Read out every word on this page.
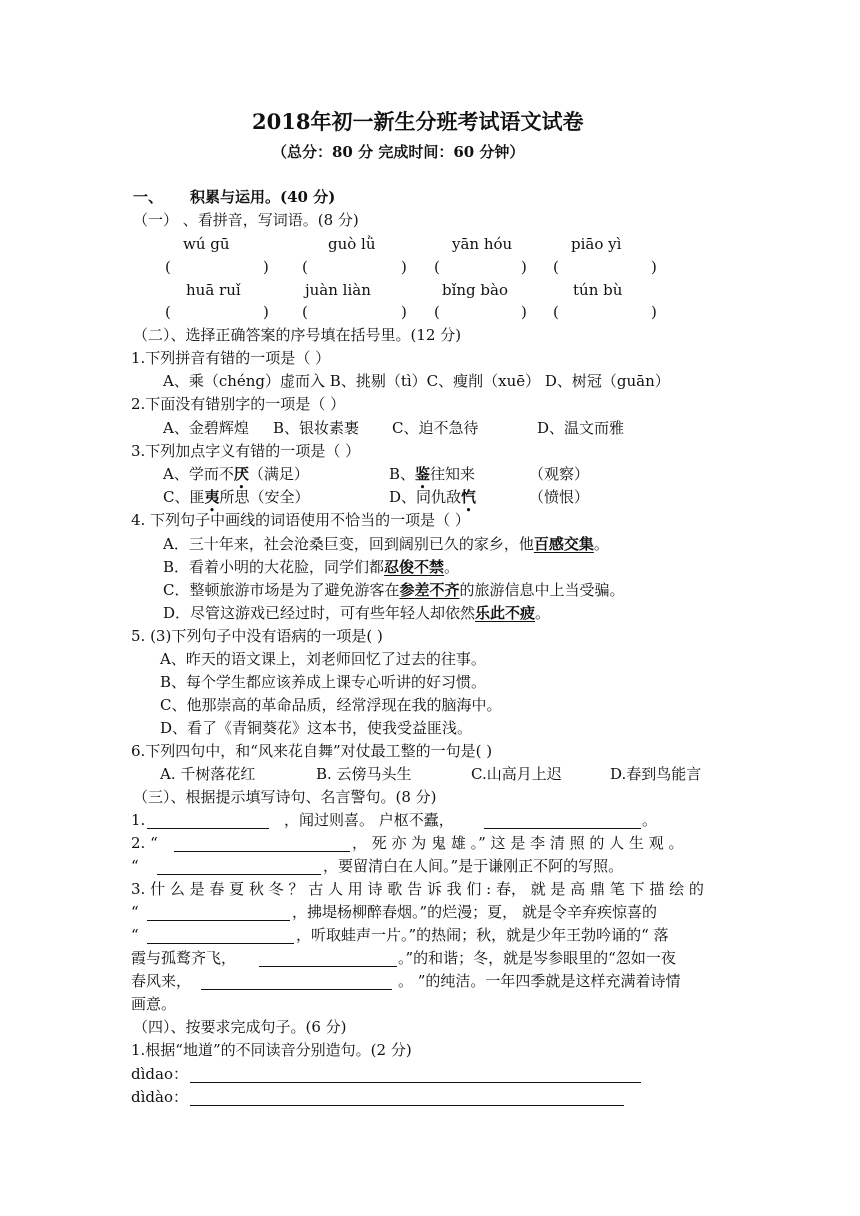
2018年初一新生分班考试语文试卷
（总分：80 分 完成时间：60 分钟）
一、 积累与运用。(40 分)
（一） 、看拼音，写词语。(8 分)
wú gū	guò lǜ	yān hóu	piāo yì
(	) (	) (	) (	)
huā ruǐ	juàn liàn	bǐng bào	tún bù
(	) (	) (	) (	)
（二）、选择正确答案的序号填在括号里。(12 分)
1.下列拼音有错的一项是（ ）
A、乘（chéng）虚而入 B、挑剔（tì）C、瘦削（xuē） D、树冠（guān）
2.下面没有错别字的一项是（ ）
A、金碧辉煌 B、银妆素裹 C、迫不急待	D、温文而雅
3.下列加点字义有错的一项是（ ）
A、学而不厌（满足）	B、鉴往知来	（观察）
C、匪夷所思（安全）	D、同仇敌忾	（愤恨）
4. 下列句子中画线的词语使用不恰当的一项是（ ）
A．三十年来，社会沧桑巨变，回到阔别已久的家乡，他百感交集。
B．看着小明的大花脸，同学们都忍俊不禁。
C．整顿旅游市场是为了避免游客在参差不齐的旅游信息中上当受骗。
D．尽管这游戏已经过时，可有些年轻人却依然乐此不疲。
5. (3)下列句子中没有语病的一项是( )
A、昨天的语文课上，刘老师回忆了过去的往事。
B、每个学生都应该养成上课专心听讲的好习惯。
C、他那崇高的革命品质，经常浮现在我的脑海中。
D、看了《青铜葵花》这本书，使我受益匪浅。
6.下列四句中，和“风来花自舞”对仗最工整的一句是( )
A. 千树落花红	B. 云傍马头生	C.山高月上迟	D.春到鸟能言
（三）、根据提示填写诗句、名言警句。(8 分)
1.	，闻过则喜。 户枢不蠹，	。
2. “	， 死 亦 为 鬼 雄 。” 这 是 李 清 照 的 人 生 观 。
“	，要留清白在人间。”是于谦刚正不阿的写照。
3. 什 么 是 春 夏 秋 冬 ？ 古 人 用 诗 歌 告 诉 我 们 : 春， 就 是 高 鼎 笔 下 描 绘 的
“	，拂堤杨柳醉春烟。”的烂漫；夏， 就是令辛弃疾惊喜的
“	，听取蛙声一片。”的热闹；秋，就是少年王勃吟诵的“ 落
霞与孤鹜齐飞，	。”的和谐；冬，就是岑参眼里的“忽如一夜
春风来，	。 ”的纯洁。一年四季就是这样充满着诗情
画意。
（四）、按要求完成句子。(6 分)
1.根据“地道”的不同读音分别造句。(2 分)
dìdao：
dìdào：
